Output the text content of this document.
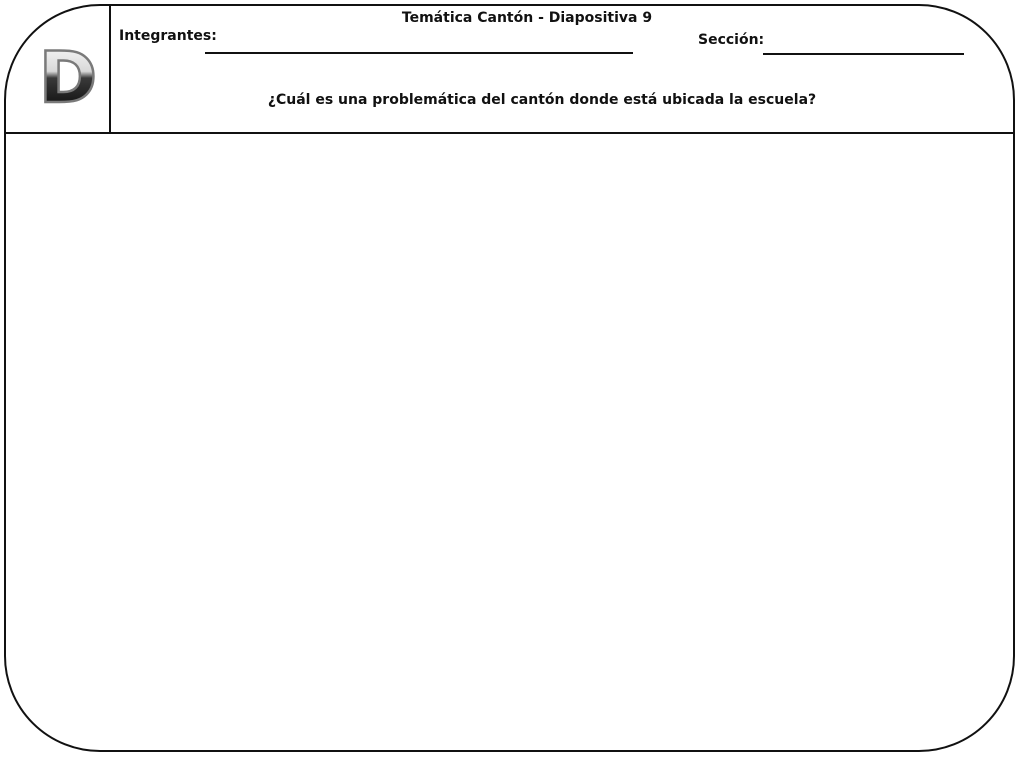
D
Temática Cantón - Diapositiva 9
Integrantes:	Sección:
¿Cuál es una problemática del cantón donde está ubicada la escuela?
